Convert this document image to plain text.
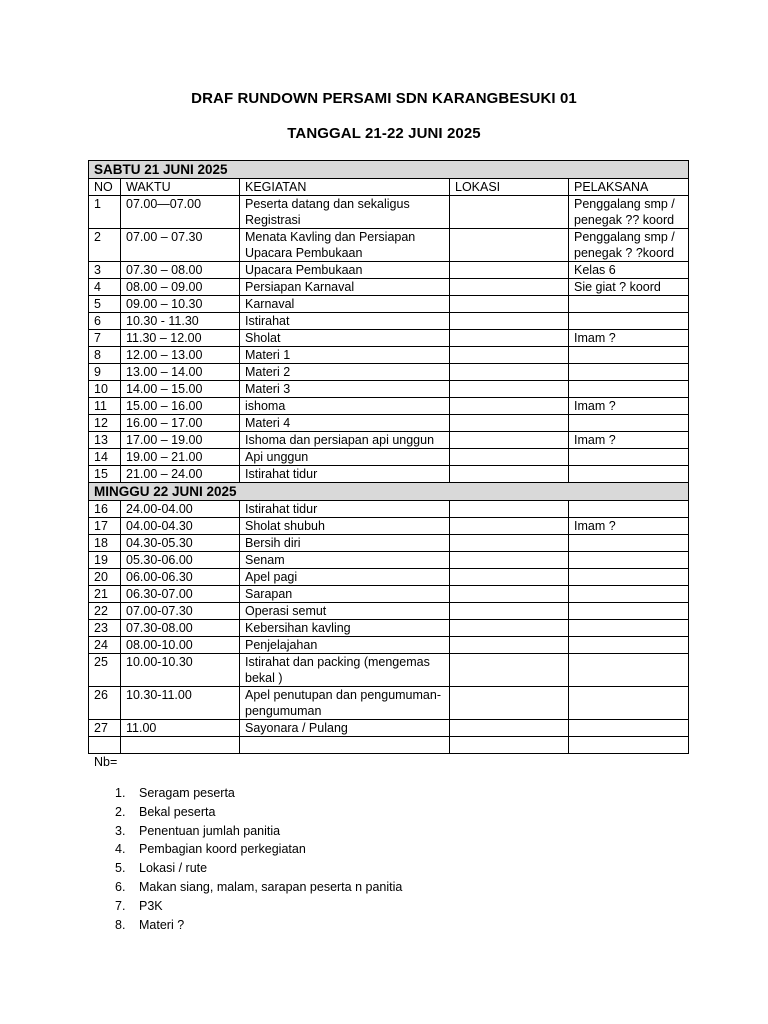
DRAF RUNDOWN PERSAMI SDN KARANGBESUKI 01
TANGGAL 21-22 JUNI 2025
SABTU 21 JUNI 2025				
NO	WAKTU	KEGIATAN	LOKASI	PELAKSANA
1	07.00—07.00	Peserta datang dan sekaligus Registrasi		Penggalang smp / penegak ?? koord
2	07.00 – 07.30	Menata Kavling dan Persiapan Upacara Pembukaan		Penggalang smp / penegak ? ?koord
3	07.30 – 08.00	Upacara Pembukaan		Kelas 6
4	08.00 – 09.00	Persiapan Karnaval		Sie giat ? koord
5	09.00 – 10.30	Karnaval		
6	10.30 - 11.30	Istirahat		
7	11.30 – 12.00	Sholat		Imam ?
8	12.00 – 13.00	Materi 1		
9	13.00 – 14.00	Materi 2		
10	14.00 – 15.00	Materi 3		
11	15.00 – 16.00	ishoma		Imam ?
12	16.00 – 17.00	Materi 4		
13	17.00 – 19.00	Ishoma dan persiapan api unggun		Imam ?
14	19.00 – 21.00	Api unggun		
15	21.00 – 24.00	Istirahat tidur		
MINGGU 22 JUNI 2025				
16	24.00-04.00	Istirahat tidur		
17	04.00-04.30	Sholat shubuh		Imam ?
18	04.30-05.30	Bersih diri		
19	05.30-06.00	Senam		
20	06.00-06.30	Apel pagi		
21	06.30-07.00	Sarapan		
22	07.00-07.30	Operasi semut		
23	07.30-08.00	Kebersihan kavling		
24	08.00-10.00	Penjelajahan		
25	10.00-10.30	Istirahat dan packing (mengemas bekal )		
26	10.30-11.00	Apel penutupan dan pengumuman-pengumuman		
27	11.00	Sayonara / Pulang		

Nb=
1. Seragam peserta
2. Bekal peserta
3. Penentuan jumlah panitia
4. Pembagian koord perkegiatan
5. Lokasi / rute
6. Makan siang, malam, sarapan peserta n panitia
7. P3K
8. Materi ?
